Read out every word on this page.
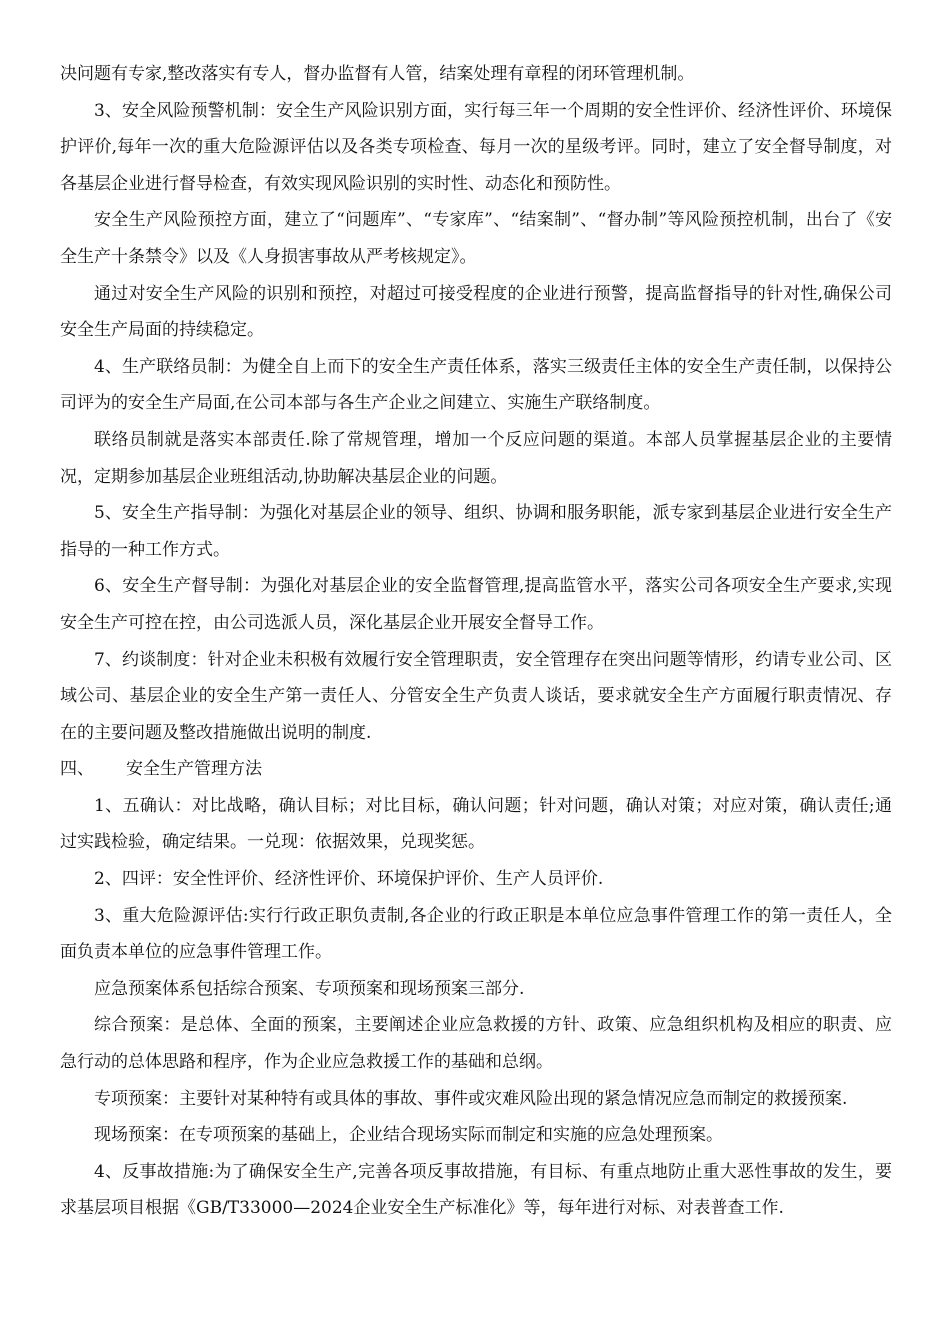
决问题有专家,整改落实有专人，督办监督有人管，结案处理有章程的闭环管理机制。

3、安全风险预警机制：安全生产风险识别方面，实行每三年一个周期的安全性评价、经济性评价、环境保护评价,每年一次的重大危险源评估以及各类专项检查、每月一次的星级考评。同时，建立了安全督导制度，对各基层企业进行督导检查，有效实现风险识别的实时性、动态化和预防性。

安全生产风险预控方面，建立了“问题库”、“专家库”、“结案制”、“督办制”等风险预控机制，出台了《安全生产十条禁令》以及《人身损害事故从严考核规定》。

通过对安全生产风险的识别和预控，对超过可接受程度的企业进行预警，提高监督指导的针对性,确保公司安全生产局面的持续稳定。

4、生产联络员制：为健全自上而下的安全生产责任体系，落实三级责任主体的安全生产责任制，以保持公司评为的安全生产局面,在公司本部与各生产企业之间建立、实施生产联络制度。

联络员制就是落实本部责任.除了常规管理，增加一个反应问题的渠道。本部人员掌握基层企业的主要情况，定期参加基层企业班组活动,协助解决基层企业的问题。

5、安全生产指导制：为强化对基层企业的领导、组织、协调和服务职能，派专家到基层企业进行安全生产指导的一种工作方式。

6、安全生产督导制：为强化对基层企业的安全监督管理,提高监管水平，落实公司各项安全生产要求,实现安全生产可控在控，由公司选派人员，深化基层企业开展安全督导工作。

7、约谈制度：针对企业未积极有效履行安全管理职责，安全管理存在突出问题等情形，约请专业公司、区域公司、基层企业的安全生产第一责任人、分管安全生产负责人谈话，要求就安全生产方面履行职责情况、存在的主要问题及整改措施做出说明的制度.

四、 安全生产管理方法

1、五确认：对比战略，确认目标；对比目标，确认问题；针对问题，确认对策；对应对策，确认责任;通过实践检验，确定结果。一兑现：依据效果，兑现奖惩。

2、四评：安全性评价、经济性评价、环境保护评价、生产人员评价.

3、重大危险源评估:实行行政正职负责制,各企业的行政正职是本单位应急事件管理工作的第一责任人，全面负责本单位的应急事件管理工作。

应急预案体系包括综合预案、专项预案和现场预案三部分.

综合预案：是总体、全面的预案，主要阐述企业应急救援的方针、政策、应急组织机构及相应的职责、应急行动的总体思路和程序，作为企业应急救援工作的基础和总纲。

专项预案：主要针对某种特有或具体的事故、事件或灾难风险出现的紧急情况应急而制定的救援预案.

现场预案：在专项预案的基础上，企业结合现场实际而制定和实施的应急处理预案。

4、反事故措施:为了确保安全生产,完善各项反事故措施，有目标、有重点地防止重大恶性事故的发生，要求基层项目根据《GB/T33000—2024企业安全生产标准化》等，每年进行对标、对表普查工作.
